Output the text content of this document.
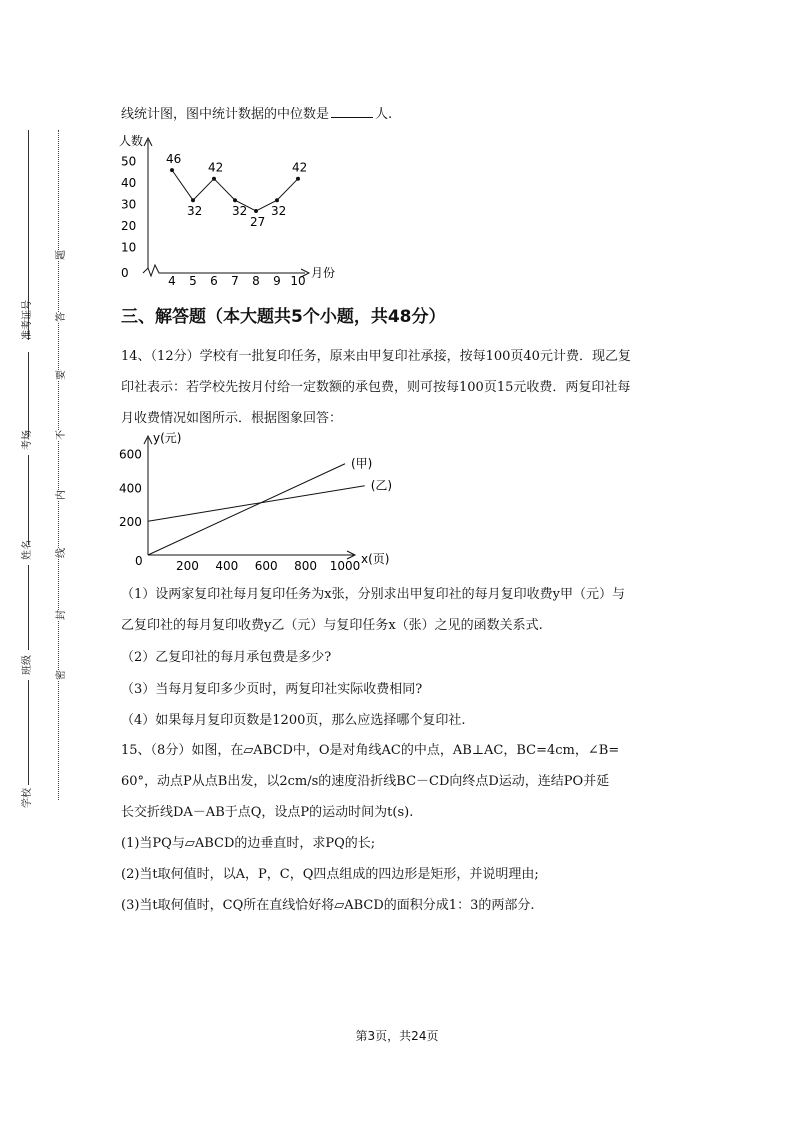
准考证号
考场
姓名
班级
学校
题
答
要
不
内
线
封
密
线统计图，图中统计数据的中位数是	人.
人数
月份
0
10
20
30
40
50
4 5 6 7 8 9 10
46
32
42
32
27
32
42
三、解答题（本大题共5个小题，共48分）
14、（12分）学校有一批复印任务，原来由甲复印社承接，按每100页40元计费．现乙复
印社表示：若学校先按月付给一定数额的承包费，则可按每100页15元收费．两复印社每
月收费情况如图所示．根据图象回答：
y(元)
x(页)
0
200
400
600
200 400 600 800 1000
(甲)
(乙)
（1）设两家复印社每月复印任务为x张，分别求出甲复印社的每月复印收费y甲（元）与
乙复印社的每月复印收费y乙（元）与复印任务x（张）之见的函数关系式.
（2）乙复印社的每月承包费是多少?
（3）当每月复印多少页时，两复印社实际收费相同?
（4）如果每月复印页数是1200页，那么应选择哪个复印社.
15、（8分）如图，在▱ABCD中，O是对角线AC的中点，AB⊥AC，BC=4cm，∠B=
60°，动点P从点B出发，以2cm/s的速度沿折线BC－CD向终点D运动，连结PO并延
长交折线DA－AB于点Q，设点P的运动时间为t(s).
(1)当PQ与▱ABCD的边垂直时，求PQ的长;
(2)当t取何值时，以A，P，C，Q四点组成的四边形是矩形，并说明理由;
(3)当t取何值时，CQ所在直线恰好将▱ABCD的面积分成1：3的两部分.
第3页，共24页
